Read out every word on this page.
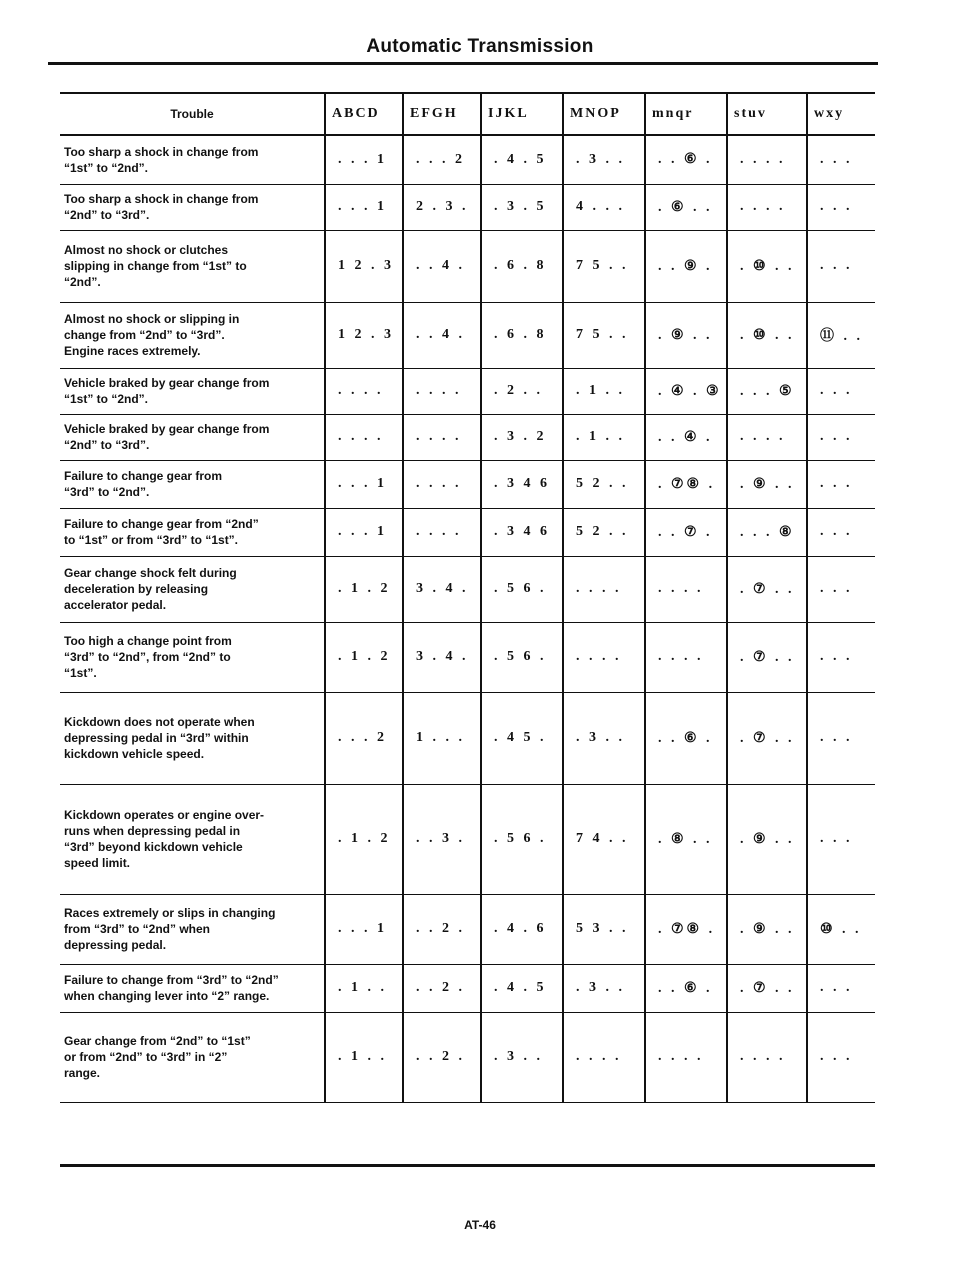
Automatic Transmission
Trouble	ABCD	EFGH	IJKL	MNOP	mnqr	stuv	wxy
Too sharp a shock in change from
“1st” to “2nd”.	. . . 1	. . . 2	. 4 . 5	. 3 . .	. . ⑥ .	. . . .	. . .
Too sharp a shock in change from
“2nd” to “3rd”.	. . . 1	2 . 3 .	. 3 . 5	4 . . .	. ⑥ . .	. . . .	. . .
Almost no shock or clutches
slipping in change from “1st” to
“2nd”.	1 2 . 3	. . 4 .	. 6 . 8	7 5 . .	. . ⑨ .	. ⑩ . .	. . .
Almost no shock or slipping in
change from “2nd” to “3rd”.
Engine races extremely.	1 2 . 3	. . 4 .	. 6 . 8	7 5 . .	. ⑨ . .	. ⑩ . .	⑪ . .
Vehicle braked by gear change from
“1st” to “2nd”.	. . . .	. . . .	. 2 . .	. 1 . .	. ④ . ③	. . . ⑤	. . .
Vehicle braked by gear change from
“2nd” to “3rd”.	. . . .	. . . .	. 3 . 2	. 1 . .	. . ④ .	. . . .	. . .
Failure to change gear from
“3rd” to “2nd”.	. . . 1	. . . .	. 3 4 6	5 2 . .	. ⑦⑧ .	. ⑨ . .	. . .
Failure to change gear from “2nd”
to “1st” or from “3rd” to “1st”.	. . . 1	. . . .	. 3 4 6	5 2 . .	. . ⑦ .	. . . ⑧	. . .
Gear change shock felt during
deceleration by releasing
accelerator pedal.	. 1 . 2	3 . 4 .	. 5 6 .	. . . .	. . . .	. ⑦ . .	. . .
Too high a change point from
“3rd” to “2nd”, from “2nd” to
“1st”.	. 1 . 2	3 . 4 .	. 5 6 .	. . . .	. . . .	. ⑦ . .	. . .
Kickdown does not operate when
depressing pedal in “3rd” within
kickdown vehicle speed.	. . . 2	1 . . .	. 4 5 .	. 3 . .	. . ⑥ .	. ⑦ . .	. . .
Kickdown operates or engine over-
runs when depressing pedal in
“3rd” beyond kickdown vehicle
speed limit.	. 1 . 2	. . 3 .	. 5 6 .	7 4 . .	. ⑧ . .	. ⑨ . .	. . .
Races extremely or slips in changing
from “3rd” to “2nd” when
depressing pedal.	. . . 1	. . 2 .	. 4 . 6	5 3 . .	. ⑦⑧ .	. ⑨ . .	⑩ . .
Failure to change from “3rd” to “2nd”
when changing lever into “2” range.	. 1 . .	. . 2 .	. 4 . 5	. 3 . .	. . ⑥ .	. ⑦ . .	. . .
Gear change from “2nd” to “1st”
or from “2nd” to “3rd” in “2”
range.	. 1 . .	. . 2 .	. 3 . .	. . . .	. . . .	. . . .	. . .
AT-46
